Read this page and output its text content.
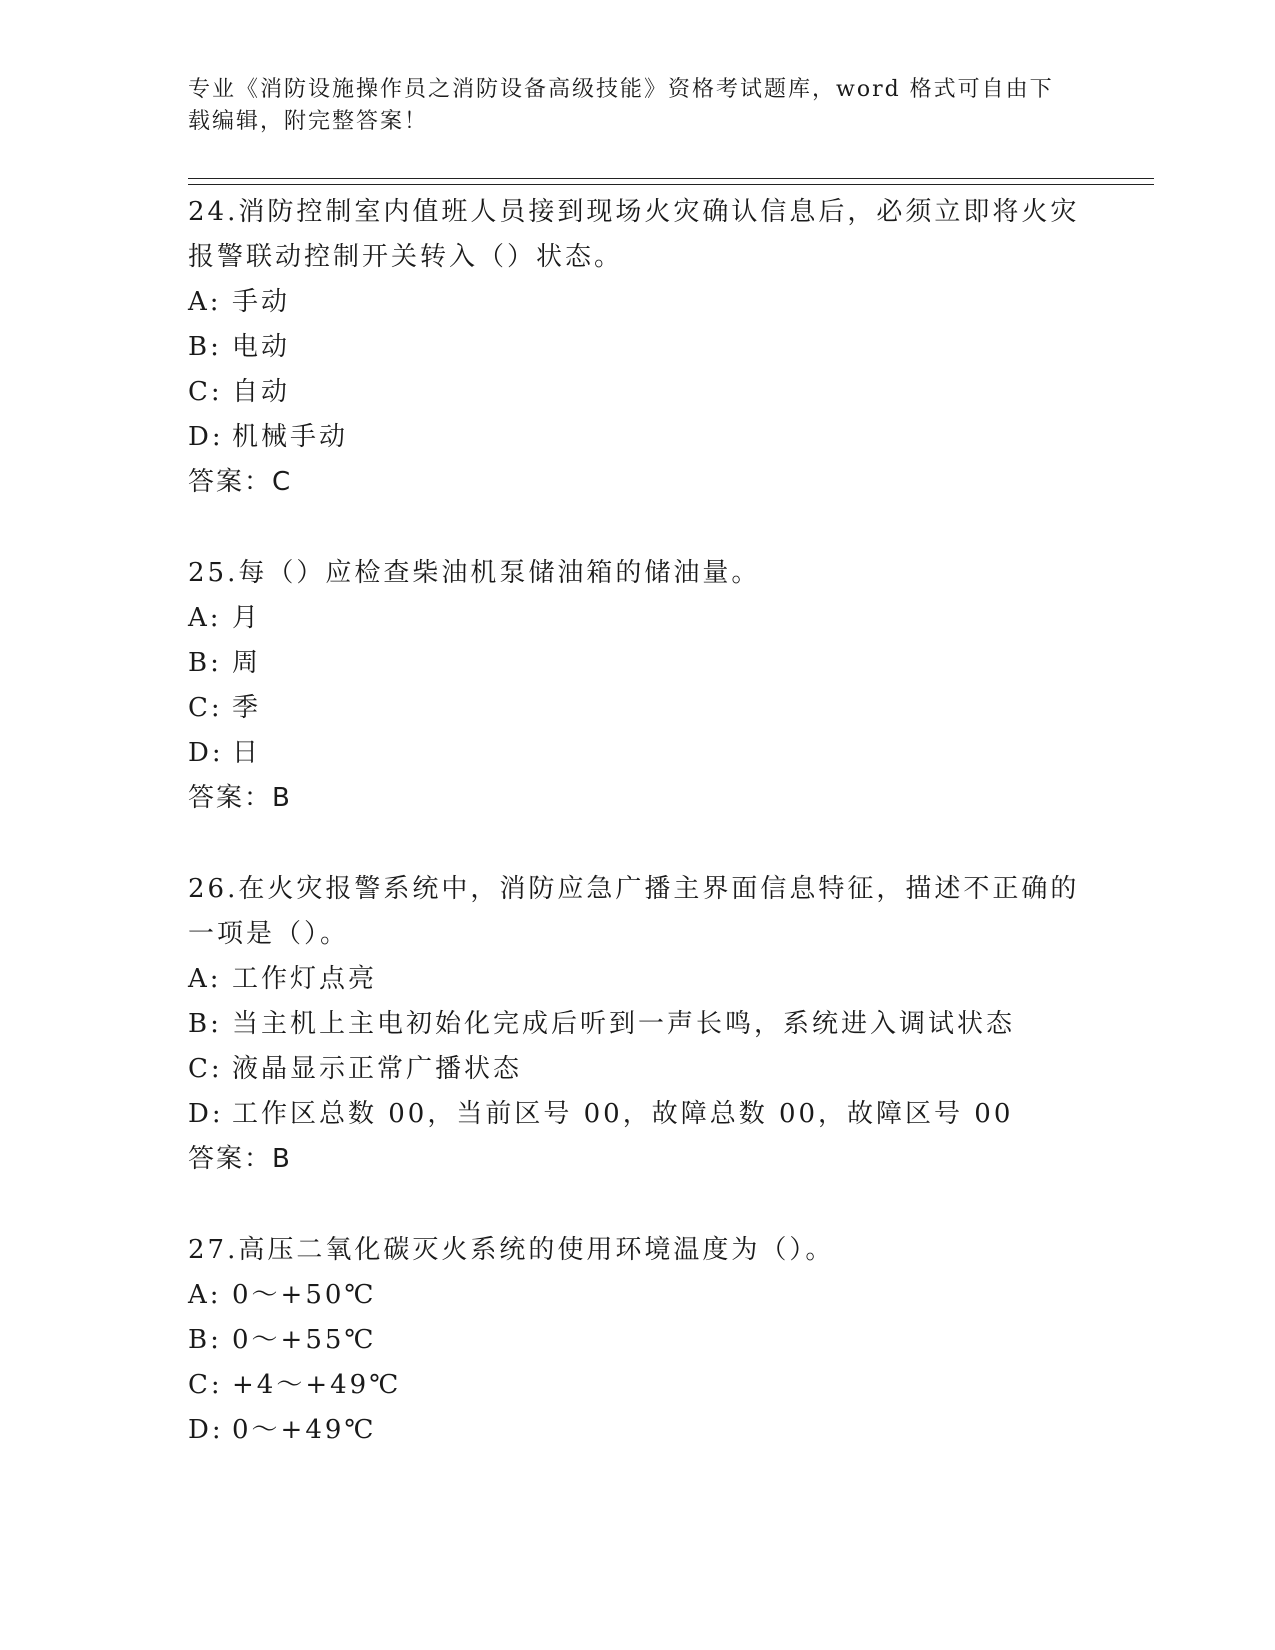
专业《消防设施操作员之消防设备高级技能》资格考试题库，word 格式可自由下
载编辑，附完整答案！

24.消防控制室内值班人员接到现场火灾确认信息后，必须立即将火灾报警联动控制开关转入（）状态。

A: 手动

B: 电动

C: 自动

D: 机械手动

答案：C

25.每（）应检查柴油机泵储油箱的储油量。

A: 月

B: 周

C: 季

D: 日

答案：B

26.在火灾报警系统中，消防应急广播主界面信息特征，描述不正确的一项是（）。

A: 工作灯点亮

B: 当主机上主电初始化完成后听到一声长鸣，系统进入调试状态

C: 液晶显示正常广播状态

D: 工作区总数 00，当前区号 00，故障总数 00，故障区号 00

答案：B

27.高压二氧化碳灭火系统的使用环境温度为（）。

A: 0～+50℃

B: 0～+55℃

C: +4～+49℃

D: 0～+49℃
